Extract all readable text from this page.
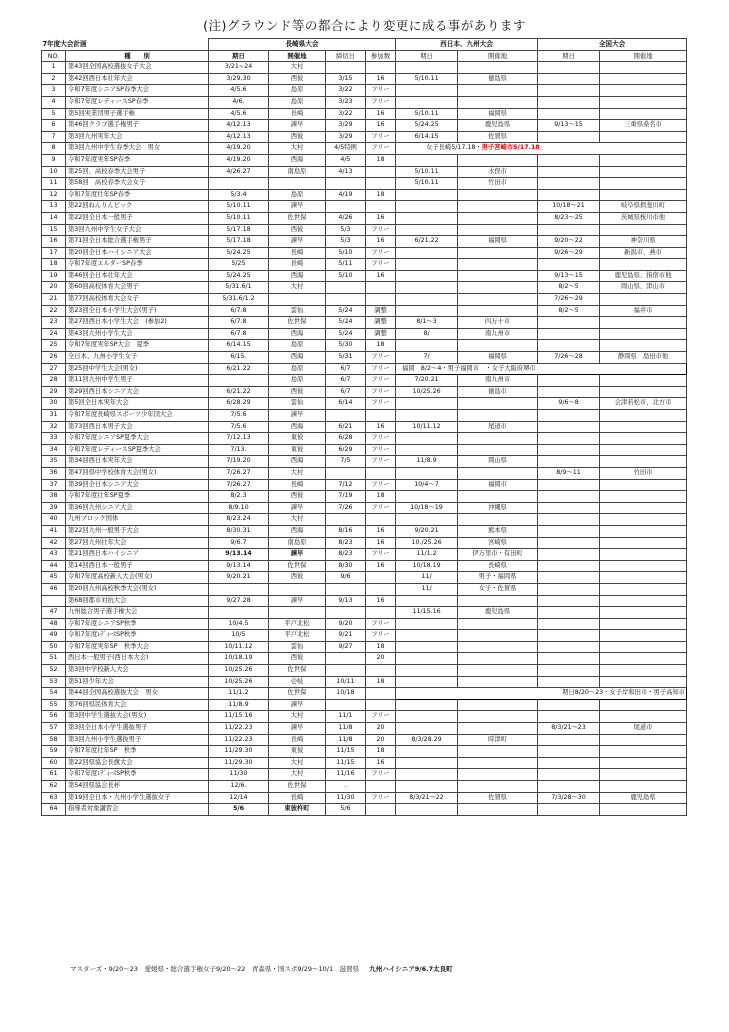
(注)グラウンド等の都合により変更に成る事があります
7年度大会計画		長崎県大会				西日本、九州大会		全国大会	
NO.	種　　別	期日	開催地	締切日	参加数	期日	開催地	期日	開催地
1	第43回全国高校選抜女子大会	3/21~24	大村						
2	第42回西日本壮年大会	3/29,30	西彼	3/15	16	5/10.11	徳島県		
3	令和7年度シニアSP春季大会	4/5.6	島原	3/22	フリー				
4	令和7年度レディースSP春季	4/6.	島原	3/23	フリー				
5	第5回実業団男子選手権	4/5.6	長崎	3/22	16	5/10.11	福岡県		
6	第46回クラブ選手権男子	4/12.13	諫早	3/29	16	5/24.25	鹿児島県	9/13～15	三重県桑名市
7	第3回九州実年大会	4/12.13	西彼	3/29	フリー	6/14.15	佐賀県		
8	第3回九州中学生春季大会　男女	4/19.20	大村	4/5特例	フリー	女子長崎5/17.18・男子宮崎市5/17.18			
9	令和7年度実年SP春季	4/19.20	西海	4/5	18				
10	第25回、高校春季大会男子	4/26.27	南島原	4/13		5/10.11	水俣市		
11	第58回　高校春季大会女子					5/10.11	竹田市		
12	令和7年度壮年SP春季	5/3.4	島原	4/19	18				
13	第22回ねんりんピック	5/10.11	諫早					10/18～21	岐阜県揖斐川町
14	第22回全日本一般男子	5/10.11	佐世保	4/26	16			8/23～25	茨城県桜川市他
15	第3回九州中学生女子大会	5/17.18	西彼	5/3	フリー				
16	第71回全日本総合選手権男子	5/17.18	諫早	5/3	16	6/21.22	福岡県	9/20～22	神奈川県
17	第20回全日本ハイシニア大会	5/24.25	長崎	5/10	フリー			9/26～29	新潟市、燕市
18	令和7年度エルダーSP春季	5/25	長崎	5/11	フリー				
19	第46回全日本壮年大会	5/24.25	西海	5/10	16			9/13～15	鹿児島県、指宿市他
20	第60回高校体育大会男子	5/31.6/1	大村					8/2～5	岡山県、津山市
21	第77回高校体育大会女子	5/31.6/1.2						7/26～29	
22	第23回全日本小学生大会(男子)	6/7.8	雲仙	5/24	調整			8/2～5	福井市
23	第27回西日本小学生大会　(参加2)	6/7.8	佐世保	5/24	調整	8/1～3	四万十市		
24	第43回九州小学生大会	6/7.8	西海	5/24	調整	8/	南九州市		
25	令和7年度実年SP大会　夏季	6/14.15	島原	5/30	18				
26	全日本、九州小学生女子	6/15.	西海	5/31	フリー	7/	福岡県	7/26～28	静岡県　島田市他
27	第25回中学生大会(男女)	6/21.22	島原	6/7	フリー	福岡　8/2～4・男子福岡市　・女子大阪府堺市			
28	第11回九州中学生男子		島原	6/7	フリー	7/20.21	南九州市		
29	第29回西日本シニア大会	6/21.22	西彼	6/7	フリー	10/25.26	徳島市		
30	第5回全日本実年大会	6/28.29	雲仙	6/14	フリー			9/6～8	会津若松市、北方市
31	令和7年度長崎県スポーツ少年団大会	7/5.6	諫早						
32	第73回西日本男子大会	7/5.6	西海	6/21	16	10/11.12	尾道市		
33	令和7年度シニアSP夏季大会	7/12.13	東彼	6/28	フリー				
34	令和7年度レディースSP夏季大会	7/13.	東彼	6/29	フリー				
35	第34回西日本実年大会	7/19.20	西海	7/5	フリー	11/8.9	岡山県		
36	第47回県中学校体育大会(男女)	7/26.27	大村					8/9～11	竹田市
37	第39回全日本シニア大会	7/26.27	長崎	7/12	フリー	10/4～7	福岡市		
38	令和7年度壮年SP夏季	8/2.3	西彼	7/19	18				
39	第36回九州シニア大会	8/9.10	諫早	7/26	フリー	10/18～19	沖縄県		
40	九州ブロック国体	8/23.24	大村						
41	第22回九州一般男子大会	8/30.31	西海	8/16	16	9/20.21	熊本県		
42	第27回九州壮年大会	9/6.7	南島原	8/23	16	10./25.26	宮崎県		
43	第21回西日本ハイシニア	9/13.14	諫早	8/23	フリー	11/1.2	伊万里市・有田町		
44	第14回西日本一般男子	9/13.14	佐世保	8/30	16	10/18.19	長崎県		
45	令和7年度高校新人大会(男女)	9/20.21	西彼	9/6		11/	男子・福岡県		
46	第20回九州高校秋季大会(男女)					11/	女子・佐賀県		
	第68回郡市対抗大会	9/27.28	諫早	9/13	16				
47	九州総合男子選手権大会					11/15.16	鹿児島県		
48	令和7年度シニアSP秋季	10/4.5	平戸北松	9/20	フリー				
49	令和7年度ﾚﾃﾞｨｰｽSP秋季	10/5	平戸北松	9/21	フリー				
50	令和7年度実年SP　秋季大会	10/11.12	雲仙	9/27	18				
51	西日本一般男子(西日本大会)	10/18.19	西彼		20				
52	第3回中学校新人大会	10/25.26	佐世保						
53	第51回少年大会	10/25.26	壱岐	10/11	18				
54	第44回全国高校選抜大会　男女	11/1.2	佐世保	10/18		期日8/20～23・女子岸和田市・男子高知市			
55	第76回県民体育大会	11/8.9	諫早						
56	第3回中学生選抜大会(男女)	11/15.16	大村	11/1	フリー				
57	第3回全日本小学生選抜男子	11/22.23	諫早	11/8	20			8/3/21～23	尾道市
58	第3回九州小学生選抜男子	11/22.23	長崎	11/8	20	8/3/28.29	時津町		
59	令和7年度壮年SP　秋季	11/29.30	東彼	11/15	18				
60	第22回県協会長旗大会	11/29.30	大村	11/15	16				
61	令和7年度ﾚﾃﾞｨｰｽSP秋季	11/30	大村	11/16	フリー				
62	第54回県協会長杯	12/6.	佐世保	.					
63	第19回全日本・九州小学生選抜女子	12/14	長崎	11/30	フリー	8/3/21～22	佐賀県	7/3/28～30	鹿児島県
64	指導者対象講習会	5/6	東彼杵町	5/6					
マスターズ・9/20～23　愛媛県・総合選手権女子9/20～22　青森県・国スポ9/29～10/1　滋賀県 九州ハイシニア9/6.7太良町
